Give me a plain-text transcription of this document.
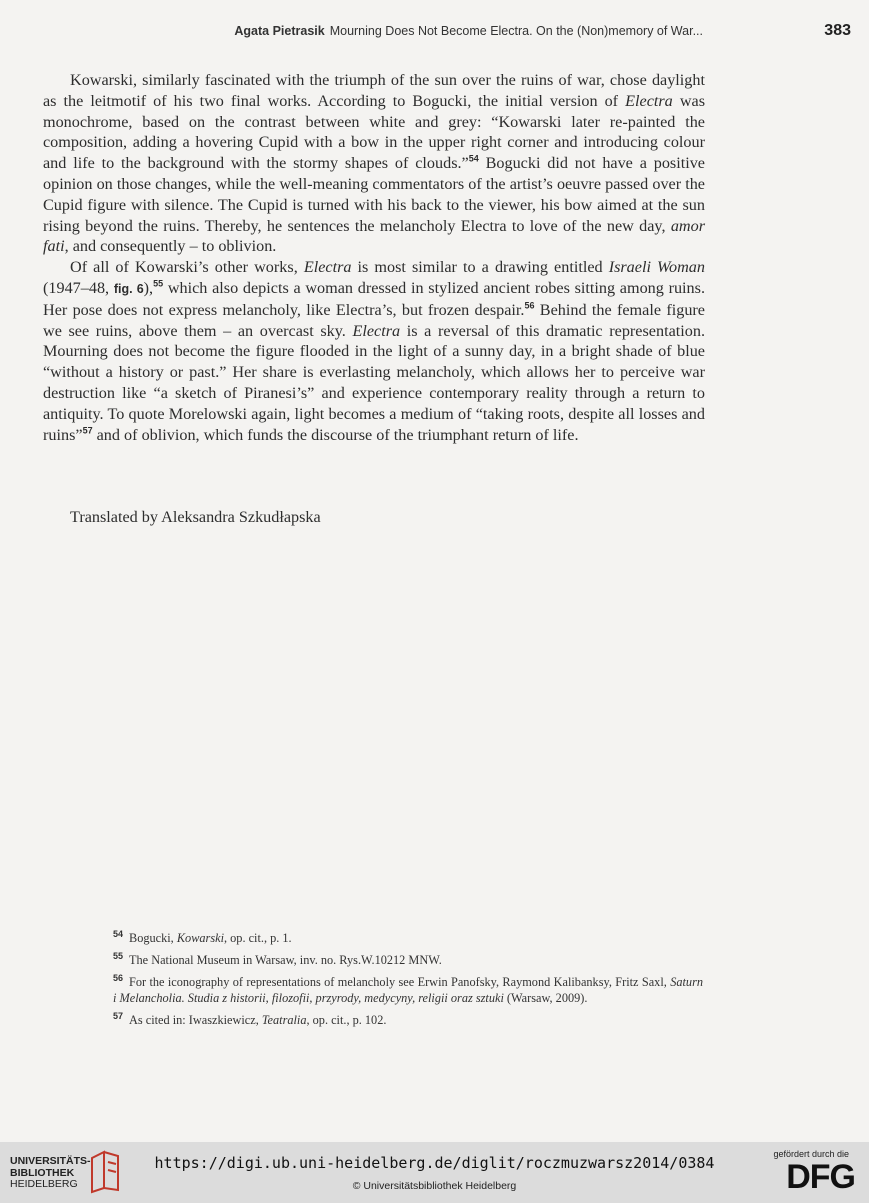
Agata Pietrasik Mourning Does Not Become Electra. On the (Non)memory of War...	383

Kowarski, similarly fascinated with the triumph of the sun over the ruins of war, chose daylight as the leitmotif of his two final works. According to Bogucki, the initial version of Electra was monochrome, based on the contrast between white and grey: “Kowarski later re-painted the composition, adding a hovering Cupid with a bow in the upper right corner and introducing colour and life to the background with the stormy shapes of clouds.”$^{54}$ Bogucki did not have a positive opinion on those changes, while the well-meaning commentators of the artist’s oeuvre passed over the Cupid figure with silence. The Cupid is turned with his back to the viewer, his bow aimed at the sun rising beyond the ruins. Thereby, he sentences the melancholy Electra to love of the new day, amor fati, and consequently – to oblivion.

Of all of Kowarski’s other works, Electra is most similar to a drawing entitled Israeli Woman (1947–48, fig. 6),$^{55}$ which also depicts a woman dressed in stylized ancient robes sitting among ruins. Her pose does not express melancholy, like Electra’s, but frozen despair.$^{56}$ Behind the female figure we see ruins, above them – an overcast sky. Electra is a reversal of this dramatic representation. Mourning does not become the figure flooded in the light of a sunny day, in a bright shade of blue “without a history or past.” Her share is everlasting melancholy, which allows her to perceive war destruction like “a sketch of Piranesi’s” and experience contemporary reality through a return to antiquity. To quote Morelowski again, light becomes a medium of “taking roots, despite all losses and ruins”$^{57}$ and of oblivion, which funds the discourse of the triumphant return of life.

Translated by Aleksandra Szkudłapska

$^{54}$ Bogucki, Kowarski, op. cit., p. 1.

$^{55}$ The National Museum in Warsaw, inv. no. Rys.W.10212 MNW.

$^{56}$ For the iconography of representations of melancholy see Erwin Panofsky, Raymond Kalibanksy, Fritz Saxl, Saturn i Melancholia. Studia z historii, filozofii, przyrody, medycyny, religii oraz sztuki (Warsaw, 2009).

$^{57}$ As cited in: Iwaszkiewicz, Teatralia, op. cit., p. 102.

UNIVERSITÄTS-
BIBLIOTHEK
HEIDELBERG
https://digi.ub.uni-heidelberg.de/diglit/roczmuzwarsz2014/0384
© Universitätsbibliothek Heidelberg
gefördert durch die
DFG
